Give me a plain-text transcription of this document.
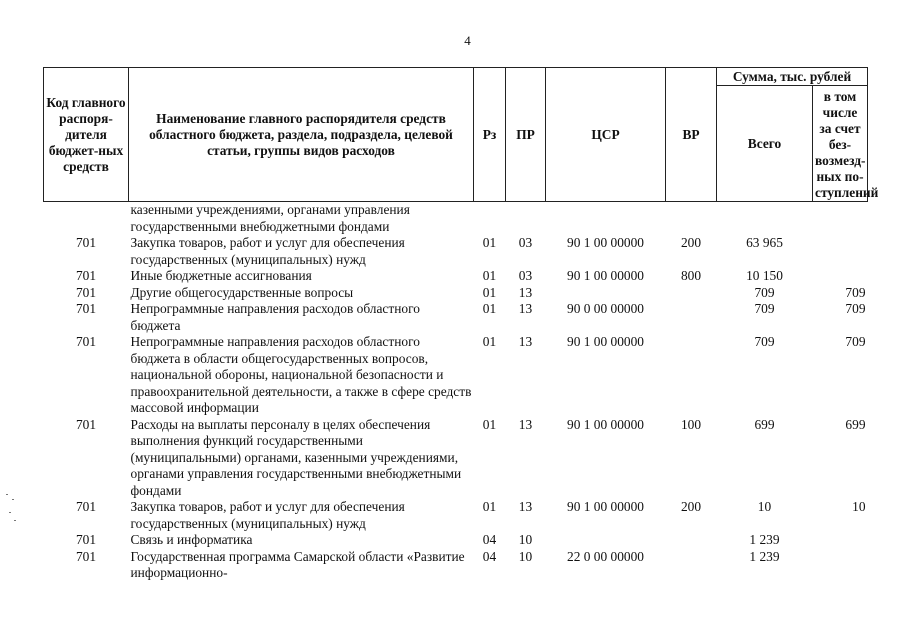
4
Код главного распоря-дителя бюджет-ных средств	Наименование главного распорядителя средств областного бюджета, раздела, подраздела, целевой статьи, группы видов расходов	Рз	ПР	ЦСР	ВР	Сумма, тыс. рублей	
						Всего	в том числе за счет без-возмезд-ных по-ступлений
	казенными учреждениями, органами управления государственными внебюджетными фондами						
701	Закупка товаров, работ и услуг для обеспечения государственных (муниципальных) нужд	01	03	90 1 00 00000	200	63 965	
701	Иные бюджетные ассигнования	01	03	90 1 00 00000	800	10 150	
701	Другие общегосударственные вопросы	01	13			709	709
701	Непрограммные направления расходов областного бюджета	01	13	90 0 00 00000		709	709
701	Непрограммные направления расходов областного бюджета в области общегосударственных вопросов, национальной обороны, национальной безопасности и правоохранительной деятельности, а также в сфере средств массовой информации	01	13	90 1 00 00000		709	709
701	Расходы на выплаты персоналу в целях обеспечения выполнения функций государственными (муниципальными) органами, казенными учреждениями, органами управления государственными внебюджетными фондами	01	13	90 1 00 00000	100	699	699
701	Закупка товаров, работ и услуг для обеспечения государственных (муниципальных) нужд	01	13	90 1 00 00000	200	10	10
701	Связь и информатика	04	10			1 239	
701	Государственная программа Самарской области «Развитие информационно-	04	10	22 0 00 00000		1 239	
